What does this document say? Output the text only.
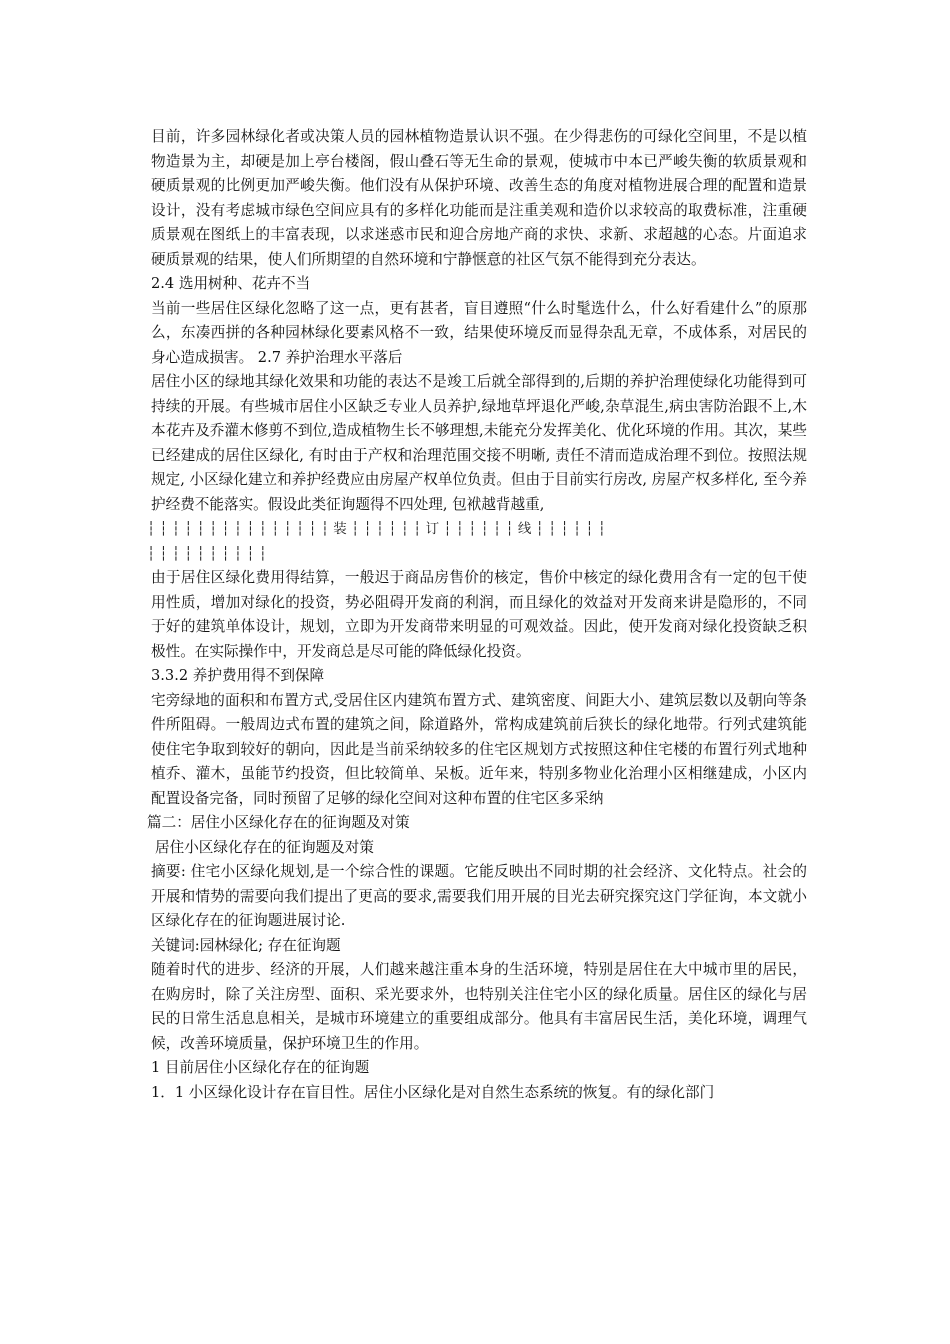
目前，许多园林绿化者或决策人员的园林植物造景认识不强。在少得悲伤的可绿化空间里，不是以植物造景为主，却硬是加上亭台楼阁，假山叠石等无生命的景观，使城市中本已严峻失衡的软质景观和硬质景观的比例更加严峻失衡。他们没有从保护环境、改善生态的角度对植物进展合理的配置和造景设计，没有考虑城市绿色空间应具有的多样化功能而是注重美观和造价以求较高的取费标准，注重硬质景观在图纸上的丰富表现，以求迷惑市民和迎合房地产商的求快、求新、求超越的心态。片面追求硬质景观的结果，使人们所期望的自然环境和宁静惬意的社区气氛不能得到充分表达。

2.4 选用树种、花卉不当

当前一些居住区绿化忽略了这一点，更有甚者，盲目遵照“什么时髦选什么，什么好看建什么”的原那么，东凑西拼的各种园林绿化要素风格不一致，结果使环境反而显得杂乱无章，不成体系，对居民的身心造成损害。 2.7 养护治理水平落后

居住小区的绿地其绿化效果和功能的表达不是竣工后就全部得到的,后期的养护治理使绿化功能得到可持续的开展。有些城市居住小区缺乏专业人员养护,绿地草坪退化严峻,杂草混生,病虫害防治跟不上,木本花卉及乔灌木修剪不到位,造成植物生长不够理想,未能充分发挥美化、优化环境的作用。其次，某些已经建成的居住区绿化, 有时由于产权和治理范围交接不明晰, 责任不清而造成治理不到位。按照法规规定, 小区绿化建立和养护经费应由房屋产权单位负责。但由于目前实行房改, 房屋产权多样化, 至今养护经费不能落实。假设此类征询题得不四处理, 包袱越背越重,

┆ ┆ ┆ ┆ ┆ ┆ ┆ ┆ ┆ ┆ ┆ ┆ ┆ ┆ ┆ 装 ┆ ┆ ┆ ┆ ┆ ┆ 订 ┆ ┆ ┆ ┆ ┆ ┆ 线 ┆ ┆ ┆ ┆ ┆ ┆

┆ ┆ ┆ ┆ ┆ ┆ ┆ ┆ ┆ ┆

由于居住区绿化费用得结算，一般迟于商品房售价的核定，售价中核定的绿化费用含有一定的包干使用性质，增加对绿化的投资，势必阻碍开发商的利润，而且绿化的效益对开发商来讲是隐形的，不同于好的建筑单体设计，规划，立即为开发商带来明显的可观效益。因此，使开发商对绿化投资缺乏积极性。在实际操作中，开发商总是尽可能的降低绿化投资。

3.3.2 养护费用得不到保障

宅旁绿地的面积和布置方式,受居住区内建筑布置方式、建筑密度、间距大小、建筑层数以及朝向等条件所阻碍。一般周边式布置的建筑之间，除道路外，常构成建筑前后狭长的绿化地带。行列式建筑能使住宅争取到较好的朝向，因此是当前采纳较多的住宅区规划方式按照这种住宅楼的布置行列式地种植乔、灌木，虽能节约投资，但比较简单、呆板。近年来，特别多物业化治理小区相继建成，小区内配置设备完备，同时预留了足够的绿化空间对这种布置的住宅区多采纳

篇二：居住小区绿化存在的征询题及对策

居住小区绿化存在的征询题及对策

摘要: 住宅小区绿化规划,是一个综合性的课题。它能反映出不同时期的社会经济、文化特点。社会的开展和情势的需要向我们提出了更高的要求,需要我们用开展的目光去研究探究这门学征询，本文就小区绿化存在的征询题进展讨论.

关键词:园林绿化; 存在征询题

随着时代的进步、经济的开展，人们越来越注重本身的生活环境，特别是居住在大中城市里的居民，在购房时，除了关注房型、面积、采光要求外，也特别关注住宅小区的绿化质量。居住区的绿化与居民的日常生活息息相关，是城市环境建立的重要组成部分。他具有丰富居民生活，美化环境，调理气候，改善环境质量，保护环境卫生的作用。

1 目前居住小区绿化存在的征询题

1．1 小区绿化设计存在盲目性。居住小区绿化是对自然生态系统的恢复。有的绿化部门
